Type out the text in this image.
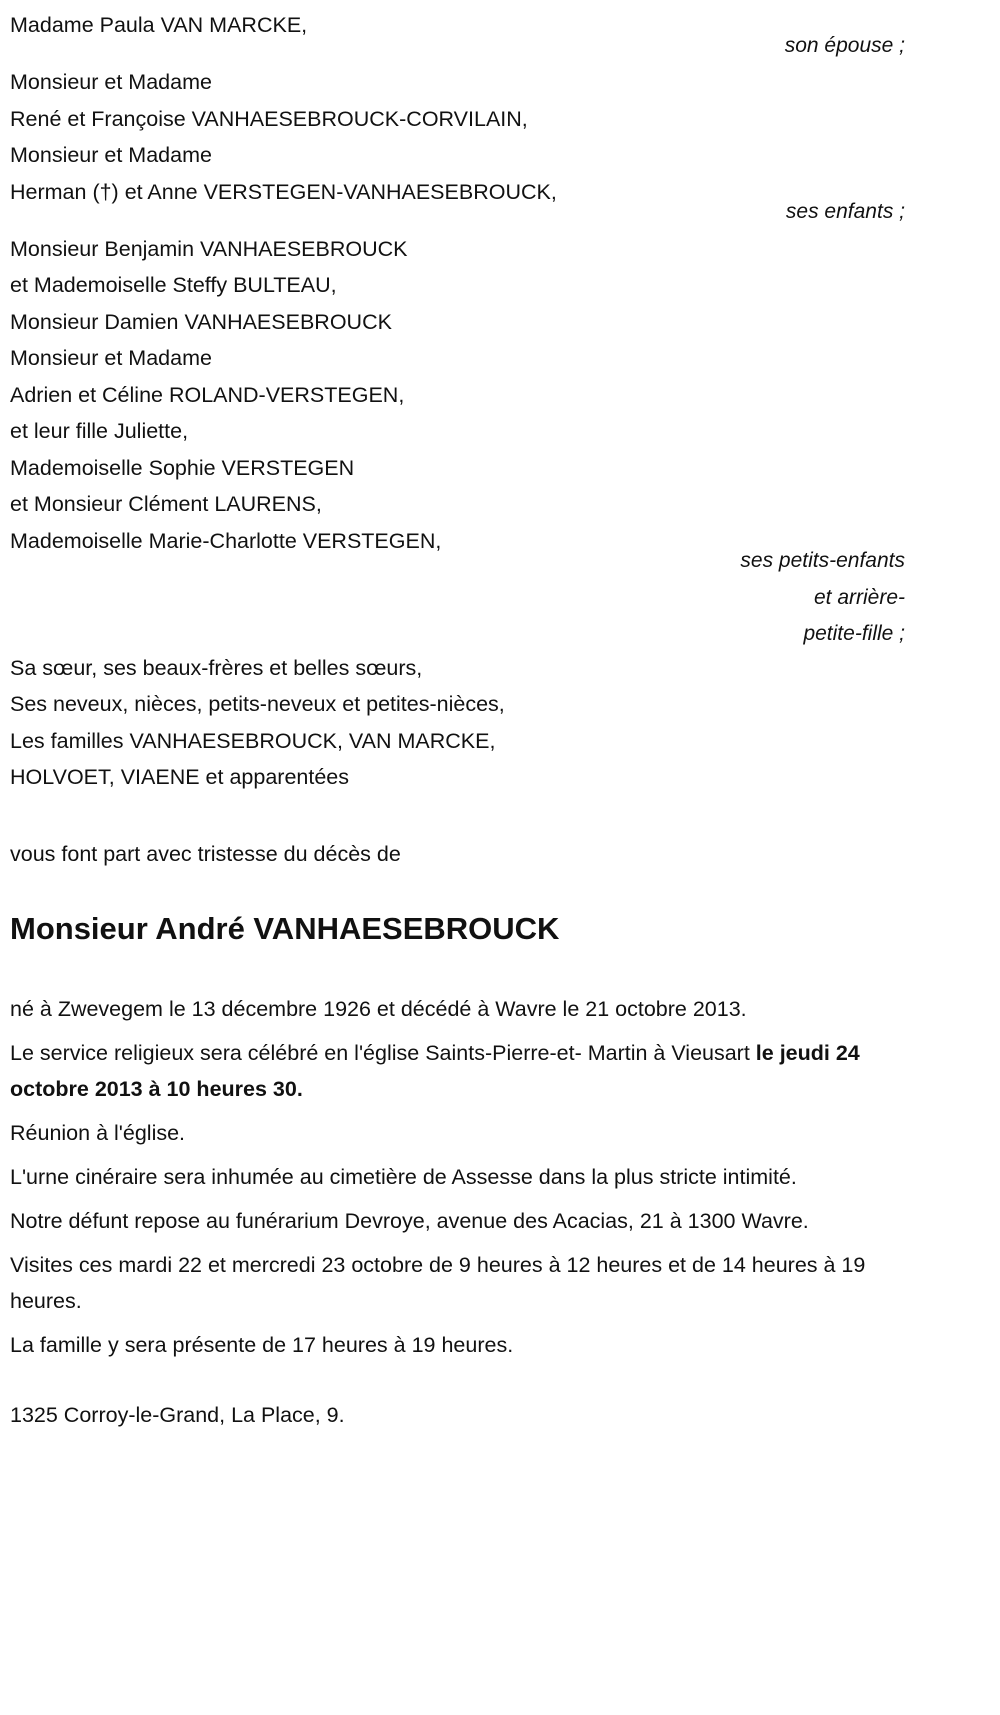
Madame Paula VAN MARCKE,
son épouse ;
Monsieur et Madame
René et Françoise VANHAESEBROUCK-CORVILAIN,
Monsieur et Madame
Herman (†) et Anne VERSTEGEN-VANHAESEBROUCK,
ses enfants ;
Monsieur Benjamin VANHAESEBROUCK
et Mademoiselle Steffy BULTEAU,
Monsieur Damien VANHAESEBROUCK
Monsieur et Madame
Adrien et Céline ROLAND-VERSTEGEN,
et leur fille Juliette,
Mademoiselle Sophie VERSTEGEN
et Monsieur Clément LAURENS,
Mademoiselle Marie-Charlotte VERSTEGEN,
ses petits-enfants
et arrière-
petite-fille ;
Sa sœur, ses beaux-frères et belles sœurs,
Ses neveux, nièces, petits-neveux et petites-nièces,
Les familles VANHAESEBROUCK, VAN MARCKE,
HOLVOET, VIAENE et apparentées
vous font part avec tristesse du décès de
Monsieur André VANHAESEBROUCK
né à Zwevegem le 13 décembre 1926 et décédé à Wavre le 21 octobre 2013.
Le service religieux sera célébré en l'église Saints-Pierre-et- Martin à Vieusart le jeudi 24 octobre 2013 à 10 heures 30.
Réunion à l'église.
L'urne cinéraire sera inhumée au cimetière de Assesse dans la plus stricte intimité.
Notre défunt repose au funérarium Devroye, avenue des Acacias, 21 à 1300 Wavre.
Visites ces mardi 22 et mercredi 23 octobre de 9 heures à 12 heures et de 14 heures à 19 heures.
La famille y sera présente de 17 heures à 19 heures.
1325 Corroy-le-Grand, La Place, 9.
